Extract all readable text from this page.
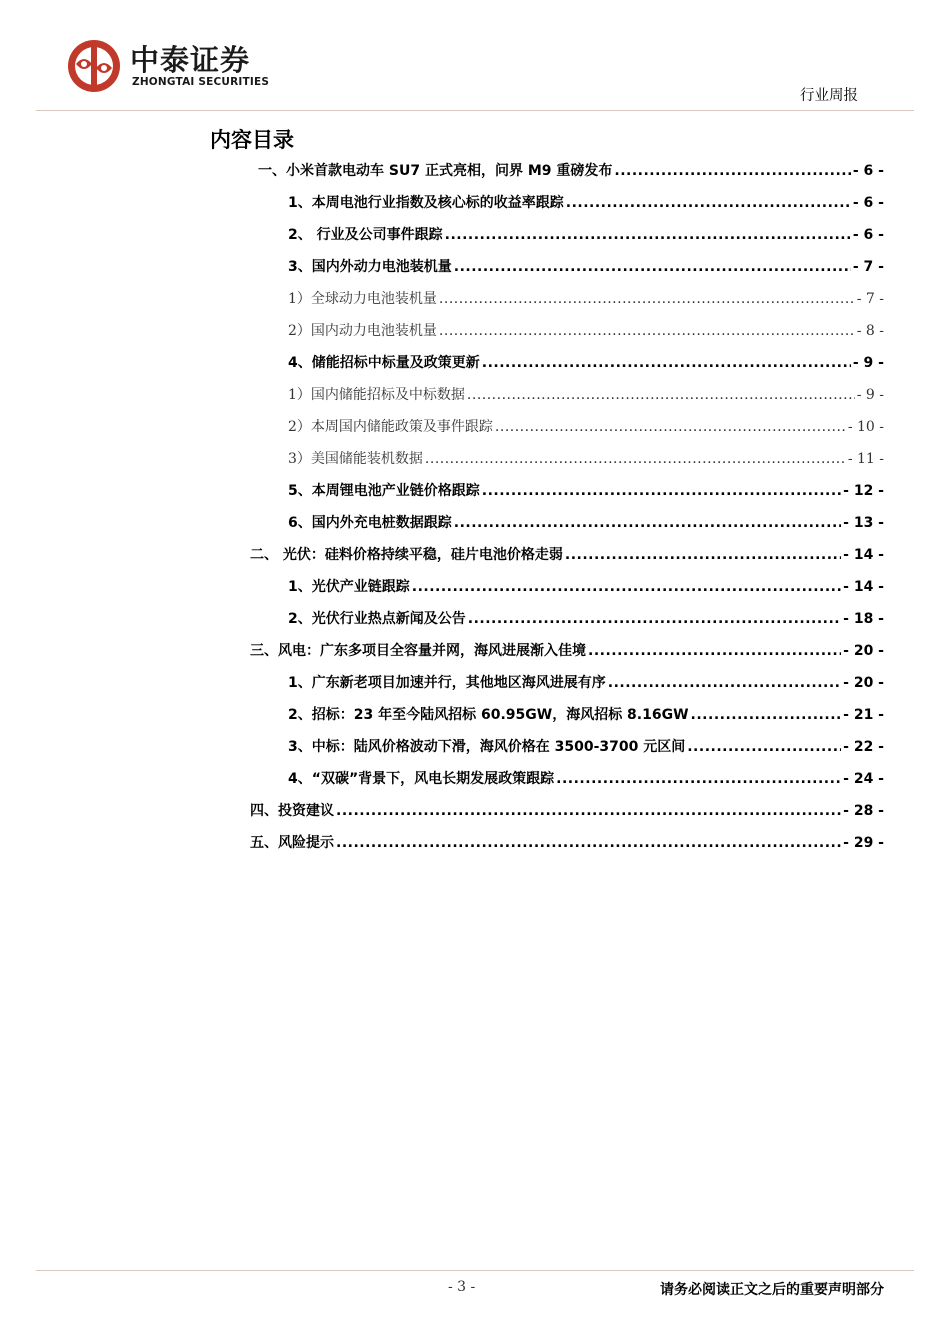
中泰证券
ZHONGTAI SECURITIES
行业周报
内容目录
一、小米首款电动车 SU7 正式亮相，问界 M9 重磅发布 .....	- 6 -
1、本周电池行业指数及核心标的收益率跟踪 .....	- 6 -
2、 行业及公司事件跟踪 .....	- 6 -
3、国内外动力电池装机量 .....	- 7 -
1）全球动力电池装机量 .....	- 7 -
2）国内动力电池装机量 .....	- 8 -
4、储能招标中标量及政策更新 .....	- 9 -
1）国内储能招标及中标数据 .....	- 9 -
2）本周国内储能政策及事件跟踪 .....	- 10 -
3）美国储能装机数据 .....	- 11 -
5、本周锂电池产业链价格跟踪 .....	- 12 -
6、国内外充电桩数据跟踪 .....	- 13 -
二、 光伏：硅料价格持续平稳，硅片电池价格走弱 .....	- 14 -
1、光伏产业链跟踪 .....	- 14 -
2、光伏行业热点新闻及公告 .....	- 18 -
三、风电：广东多项目全容量并网，海风进展渐入佳境 .....	- 20 -
1、广东新老项目加速并行，其他地区海风进展有序 .....	- 20 -
2、招标：23 年至今陆风招标 60.95GW，海风招标 8.16GW .....	- 21 -
3、中标：陆风价格波动下滑，海风价格在 3500-3700 元区间 .....	- 22 -
4、“双碳”背景下，风电长期发展政策跟踪 .....	- 24 -
四、投资建议 .....	- 28 -
五、风险提示 .....	- 29 -
- 3 -	请务必阅读正文之后的重要声明部分
